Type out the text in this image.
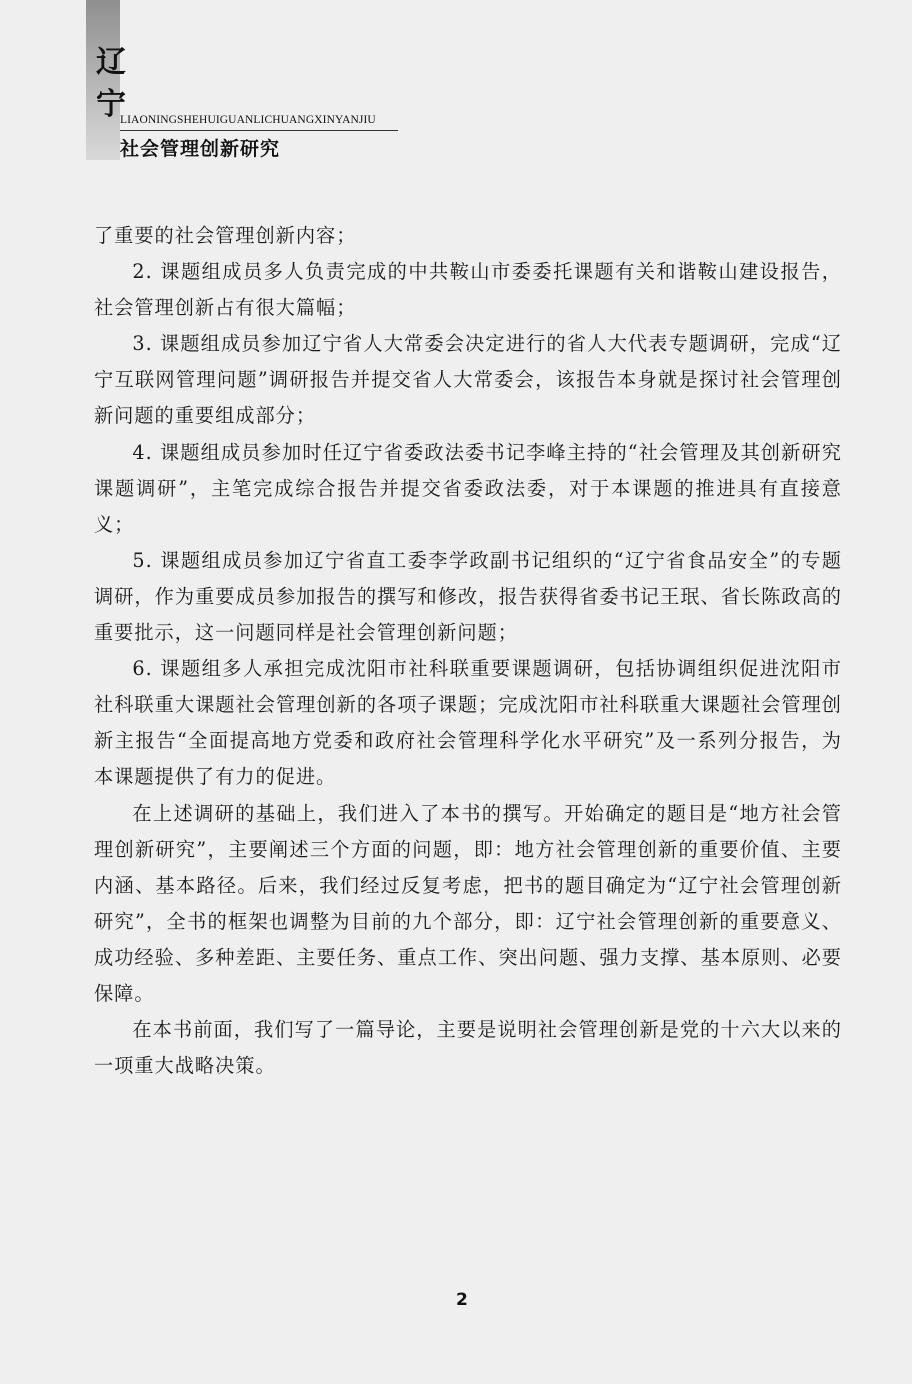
辽
宁
LIAONINGSHEHUIGUANLICHUANGXINYANJIU
社会管理创新研究

了重要的社会管理创新内容；

2. 课题组成员多人负责完成的中共鞍山市委委托课题有关和谐鞍山建设报告，社会管理创新占有很大篇幅；

3. 课题组成员参加辽宁省人大常委会决定进行的省人大代表专题调研，完成“辽宁互联网管理问题”调研报告并提交省人大常委会，该报告本身就是探讨社会管理创新问题的重要组成部分；

4. 课题组成员参加时任辽宁省委政法委书记李峰主持的“社会管理及其创新研究课题调研”，主笔完成综合报告并提交省委政法委，对于本课题的推进具有直接意义；

5. 课题组成员参加辽宁省直工委李学政副书记组织的“辽宁省食品安全”的专题调研，作为重要成员参加报告的撰写和修改，报告获得省委书记王珉、省长陈政高的重要批示，这一问题同样是社会管理创新问题；

6. 课题组多人承担完成沈阳市社科联重要课题调研，包括协调组织促进沈阳市社科联重大课题社会管理创新的各项子课题；完成沈阳市社科联重大课题社会管理创新主报告“全面提高地方党委和政府社会管理科学化水平研究”及一系列分报告，为本课题提供了有力的促进。

在上述调研的基础上，我们进入了本书的撰写。开始确定的题目是“地方社会管理创新研究”，主要阐述三个方面的问题，即：地方社会管理创新的重要价值、主要内涵、基本路径。后来，我们经过反复考虑，把书的题目确定为“辽宁社会管理创新研究”，全书的框架也调整为目前的九个部分，即：辽宁社会管理创新的重要意义、成功经验、多种差距、主要任务、重点工作、突出问题、强力支撑、基本原则、必要保障。

在本书前面，我们写了一篇导论，主要是说明社会管理创新是党的十六大以来的一项重大战略决策。

2
